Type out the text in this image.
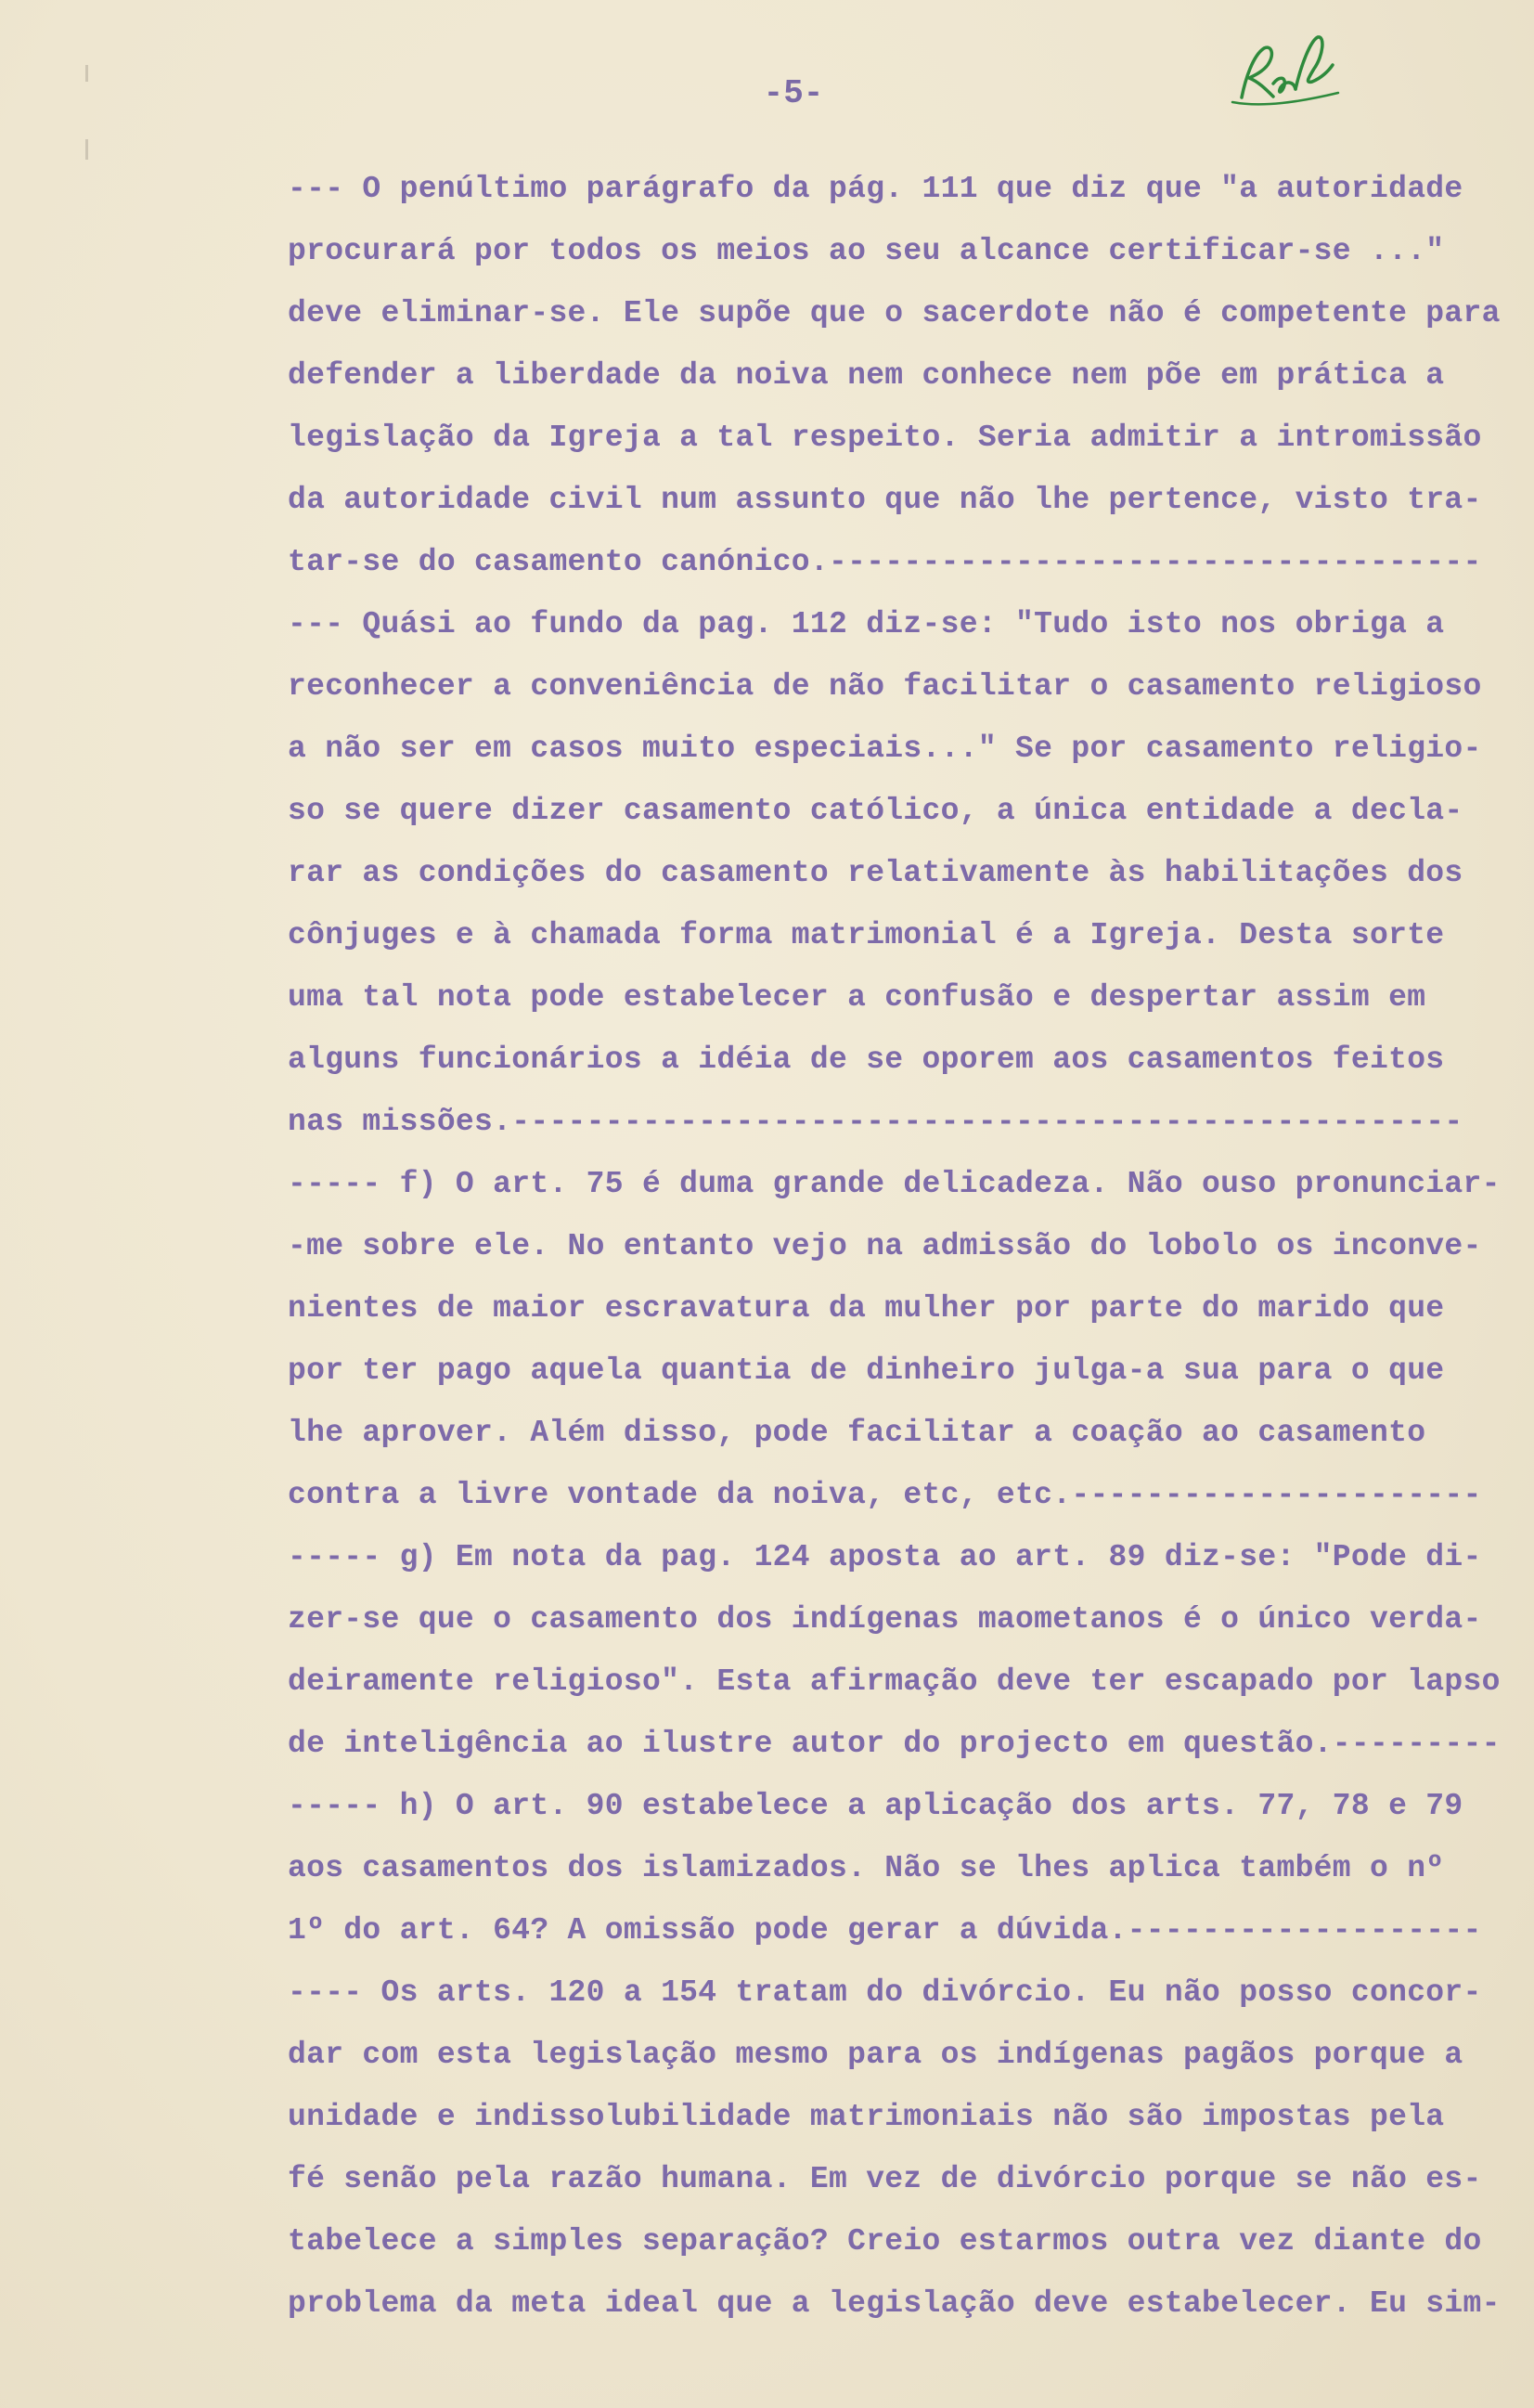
-5-
--- O penúltimo parágrafo da pág. 111 que diz que "a autoridade
procurará por todos os meios ao seu alcance certificar-se ..."
deve eliminar-se. Ele supõe que o sacerdote não é competente para
defender a liberdade da noiva nem conhece nem põe em prática a
legislação da Igreja a tal respeito. Seria admitir a intromissão
da autoridade civil num assunto que não lhe pertence, visto tra-
tar-se do casamento canónico.-----------------------------------
--- Quási ao fundo da pag. 112 diz-se: "Tudo isto nos obriga a
reconhecer a conveniência de não facilitar o casamento religioso
a não ser em casos muito especiais..." Se por casamento religio-
so se quere dizer casamento católico, a única entidade a decla-
rar as condições do casamento relativamente às habilitações dos
cônjuges e à chamada forma matrimonial é a Igreja. Desta sorte
uma tal nota pode estabelecer a confusão e despertar assim em
alguns funcionários a idéia de se oporem aos casamentos feitos
nas missões.---------------------------------------------------
----- f) O art. 75 é duma grande delicadeza. Não ouso pronunciar-
-me sobre ele. No entanto vejo na admissão do lobolo os inconve-
nientes de maior escravatura da mulher por parte do marido que
por ter pago aquela quantia de dinheiro julga-a sua para o que
lhe aprover. Além disso, pode facilitar a coação ao casamento
contra a livre vontade da noiva, etc, etc.----------------------
----- g) Em nota da pag. 124 aposta ao art. 89 diz-se: "Pode di-
zer-se que o casamento dos indígenas maometanos é o único verda-
deiramente religioso". Esta afirmação deve ter escapado por lapso
de inteligência ao ilustre autor do projecto em questão.---------
----- h) O art. 90 estabelece a aplicação dos arts. 77, 78 e 79
aos casamentos dos islamizados. Não se lhes aplica também o nº
1º do art. 64? A omissão pode gerar a dúvida.-------------------
---- Os arts. 120 a 154 tratam do divórcio. Eu não posso concor-
dar com esta legislação mesmo para os indígenas pagãos porque a
unidade e indissolubilidade matrimoniais não são impostas pela
fé senão pela razão humana. Em vez de divórcio porque se não es-
tabelece a simples separação? Creio estarmos outra vez diante do
problema da meta ideal que a legislação deve estabelecer. Eu sim-
